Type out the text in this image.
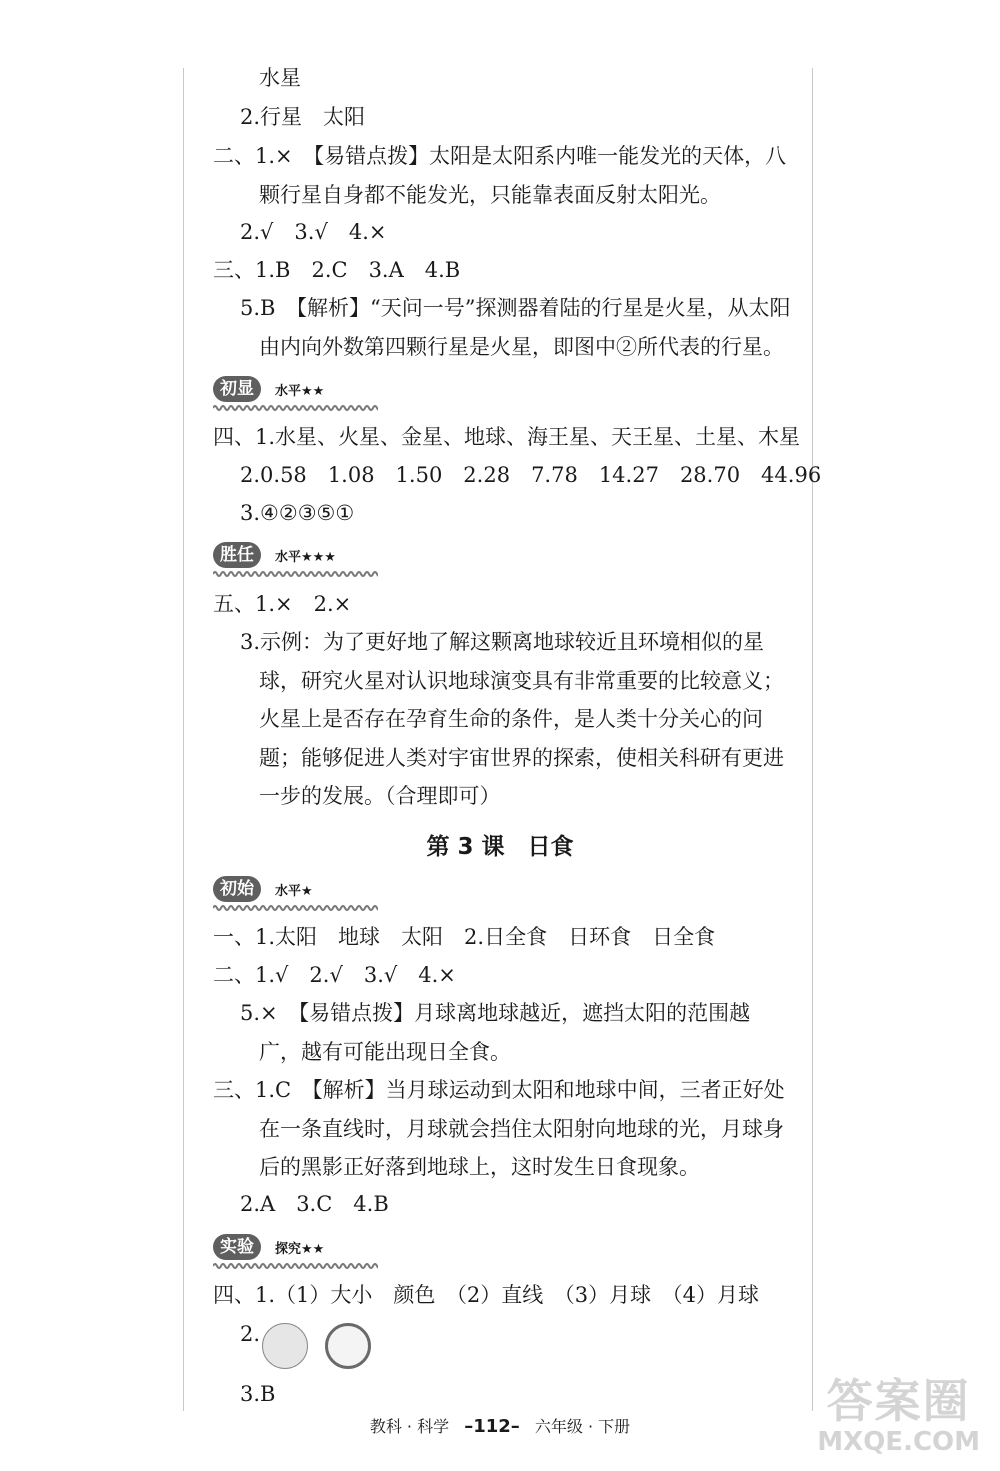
水星
2.行星　太阳
二、1.×　【易错点拨】太阳是太阳系内唯一能发光的天体，八
颗行星自身都不能发光，只能靠表面反射太阳光。
2.√　3.√　4.×
三、1.B　2.C　3.A　4.B
5.B　【解析】“天问一号”探测器着陆的行星是火星，从太阳
由内向外数第四颗行星是火星，即图中②所代表的行星。
四、1.水星、火星、金星、地球、海王星、天王星、土星、木星
2.0.58　1.08　1.50　2.28　7.78　14.27　28.70　44.96
3.④②③⑤①
五、1.×　2.×
3.示例：为了更好地了解这颗离地球较近且环境相似的星
球，研究火星对认识地球演变具有非常重要的比较意义；
火星上是否存在孕育生命的条件，是人类十分关心的问
题；能够促进人类对宇宙世界的探索，使相关科研有更进
一步的发展。（合理即可）
一、1.太阳　地球　太阳　2.日全食　日环食　日全食
二、1.√　2.√　3.√　4.×
5.×　【易错点拨】月球离地球越近，遮挡太阳的范围越
广，越有可能出现日全食。
三、1.C　【解析】当月球运动到太阳和地球中间，三者正好处
在一条直线时，月球就会挡住太阳射向地球的光，月球身
后的黑影正好落到地球上，这时发生日食现象。
2.A　3.C　4.B
四、1.（1）大小　颜色　（2）直线　（3）月球　（4）月球
2.
3.B
初显	水平★★
胜任	水平★★★
初始	水平★
实验	探究★★
第 3 课　日食
教科 · 科学 –112– 六年级 · 下册	答案圈
MXQE.COM
